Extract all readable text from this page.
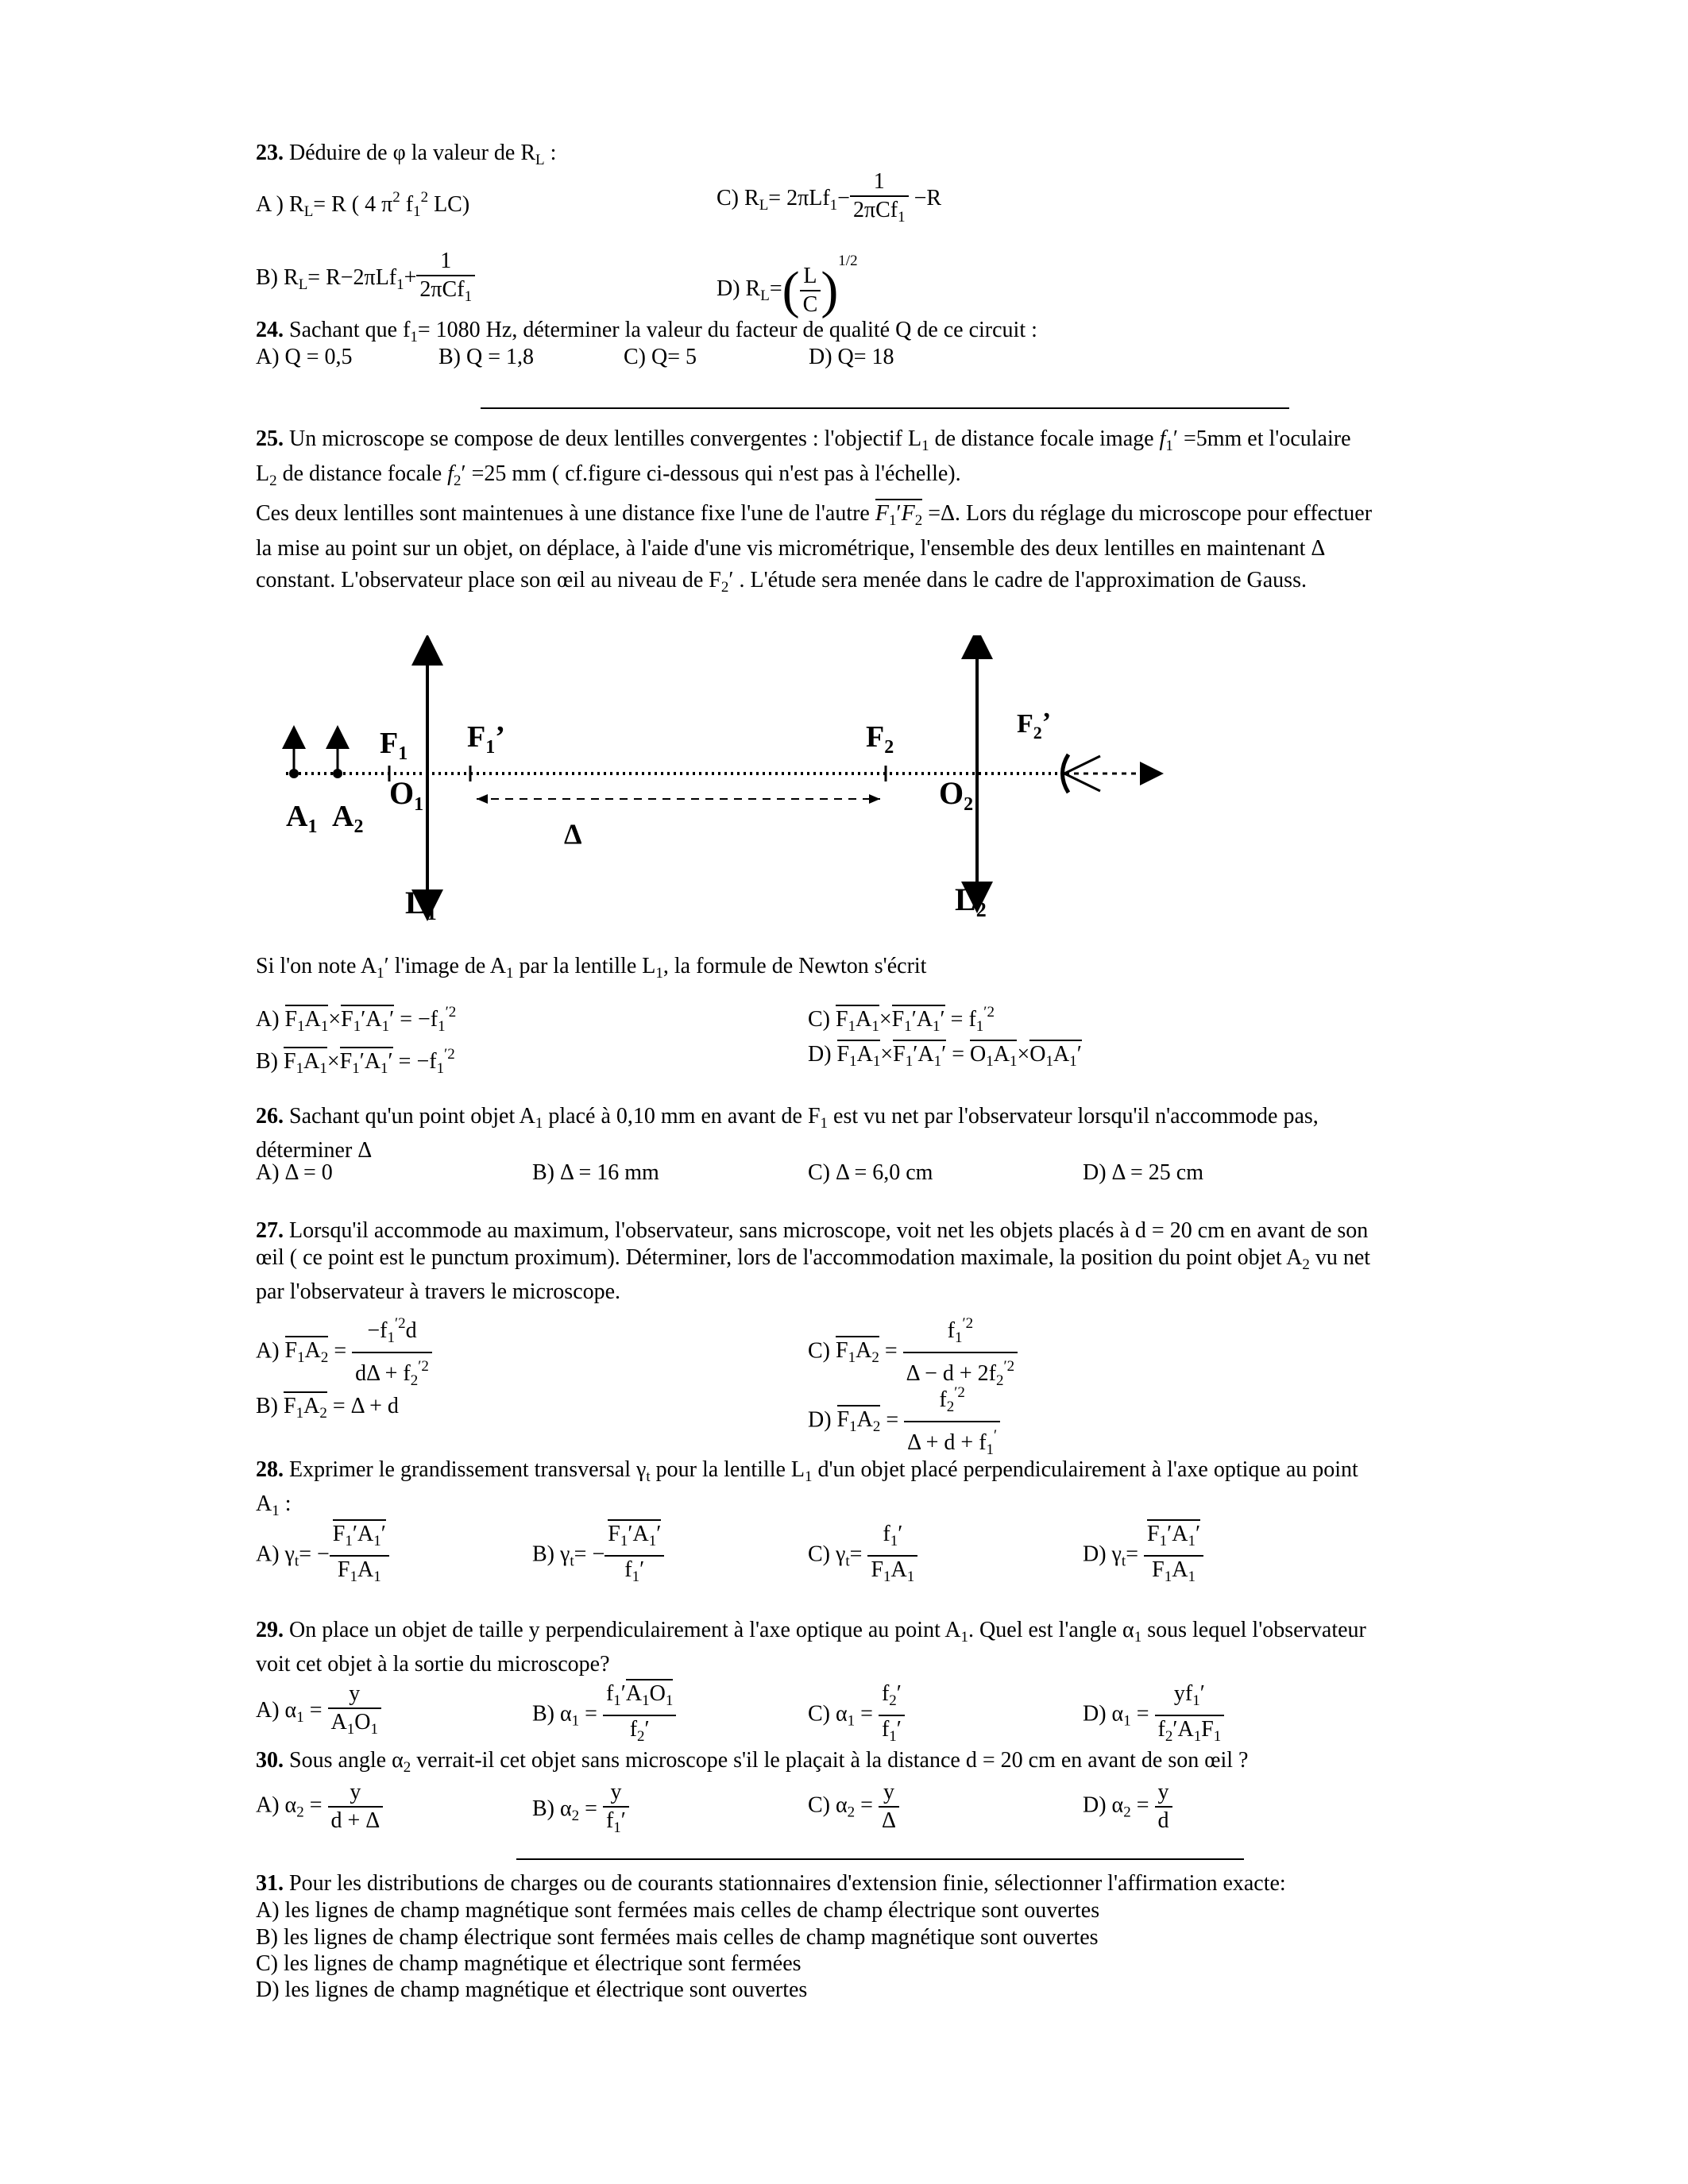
23. Déduire de φ la valeur de $R_L$ :
A ) $R_L= R$ ( 4 $\pi^2$ $f_1^2$ LC)	C) $R_L= 2\pi Lf_1- \frac{1}{2\pi Cf_1} -R$
B) $R_L= R-2\pi Lf_1+ \frac{1}{2\pi Cf_1}$	D) $R_L=( \frac{L}{C} )^{1/2}$
24. Sachant que $f_1= 1080$ Hz, déterminer la valeur du facteur de qualité Q de ce circuit :
A) Q = 0,5	B) Q = 1,8	C) Q= 5	D) Q= 18
25. Un microscope se compose de deux lentilles convergentes : l'objectif $L_1$ de distance focale image $f_1' =5mm$ et l'oculaire
$L_2$ de distance focale $f_2' =25$ mm ( cf.figure ci-dessous qui n'est pas à l'échelle).
Ces deux lentilles sont maintenues à une distance fixe l'une de l'autre $F_1'F_2 =\Delta$. Lors du réglage du microscope pour effectuer
la mise au point sur un objet, on déplace, à l'aide d'une vis micrométrique, l'ensemble des deux lentilles en maintenant Δ
constant. L'observateur place son œil au niveau de $F_2'$ . L'étude sera menée dans le cadre de l'approximation de Gauss.
$F_1$ $F_1$’	$F_2$
$F_2$’
$O_1$	$O_2$
$A_1$ $A_2$	Δ
$L_1$	$L_2$
Si l'on note $A_1'$ l'image de $A_1$ par la lentille $L_1$, la formule de Newton s'écrit
A) $F_1A_1\times F_1'A_1' = -f_1^{'2}$	C) $F_1A_1\times F_1'A_1' = f_1^{'2}$
B) $F_1A_1\times F_1'A_1' = -f_1^{'2}$	D) $F_1A_1\times F_1'A_1' = O_1A_1\times O_1A_1'$
26. Sachant qu'un point objet $A_1$ placé à 0,10 mm en avant de $F_1$ est vu net par l'observateur lorsqu'il n'accommode pas,
déterminer Δ
A) Δ = 0	B) Δ = 16 mm	C) Δ = 6,0 cm	D) Δ = 25 cm
27. Lorsqu'il accommode au maximum, l'observateur, sans microscope, voit net les objets placés à d = 20 cm en avant de son
œil ( ce point est le punctum proximum). Déterminer, lors de l'accommodation maximale, la position du point objet $A_2$ vu net
par l'observateur à travers le microscope.
A) $F_1A_2 = \frac{-f_1^{'2}d}{d\Delta + f_2^{'2}}$	C) $F_1A_2 = \frac{f_1^{'2}}{\Delta - d + 2f_2^{'2}}$
B) $F_1A_2 = \Delta + d$
D) $F_1A_2 = \frac{f_2^{'2}}{\Delta + d + f_1'}$
28. Exprimer le grandissement transversal $\gamma_t$ pour la lentille $L_1$ d'un objet placé perpendiculairement à l'axe optique au point
$A_1$ :
A) $\gamma_t= - \frac{F_1'A_1'}{F_1A_1}$	B) $\gamma_t= - \frac{F_1'A_1'}{f_1'}$	C) $\gamma_t= \frac{f_1'}{F_1A_1}$	D) $\gamma_t= \frac{F_1'A_1'}{F_1A_1}$
29. On place un objet de taille y perpendiculairement à l'axe optique au point $A_1$. Quel est l'angle $\alpha_1$ sous lequel l'observateur
voit cet objet à la sortie du microscope?
A) $\alpha_1 = \frac{y}{A_1O_1}$	B) $\alpha_1 = \frac{f_1'A_1O_1}{f_2'}$	C) $\alpha_1 = \frac{f_2'}{f_1'}$	D) $\alpha_1 = \frac{yf_1'}{f_2'A_1F_1}$
30. Sous angle $\alpha_2$ verrait-il cet objet sans microscope s'il le plaçait à la distance d = 20 cm en avant de son œil ?
A) $\alpha_2 = \frac{y}{d + \Delta}$	B) $\alpha_2 = \frac{y}{f_1'}$	C) $\alpha_2 = \frac{y}{\Delta}$	D) $\alpha_2 = \frac{y}{d}$
31. Pour les distributions de charges ou de courants stationnaires d'extension finie, sélectionner l'affirmation exacte:
A) les lignes de champ magnétique sont fermées mais celles de champ électrique sont ouvertes
B) les lignes de champ électrique sont fermées mais celles de champ magnétique sont ouvertes
C) les lignes de champ magnétique et électrique sont fermées
D) les lignes de champ magnétique et électrique sont ouvertes
